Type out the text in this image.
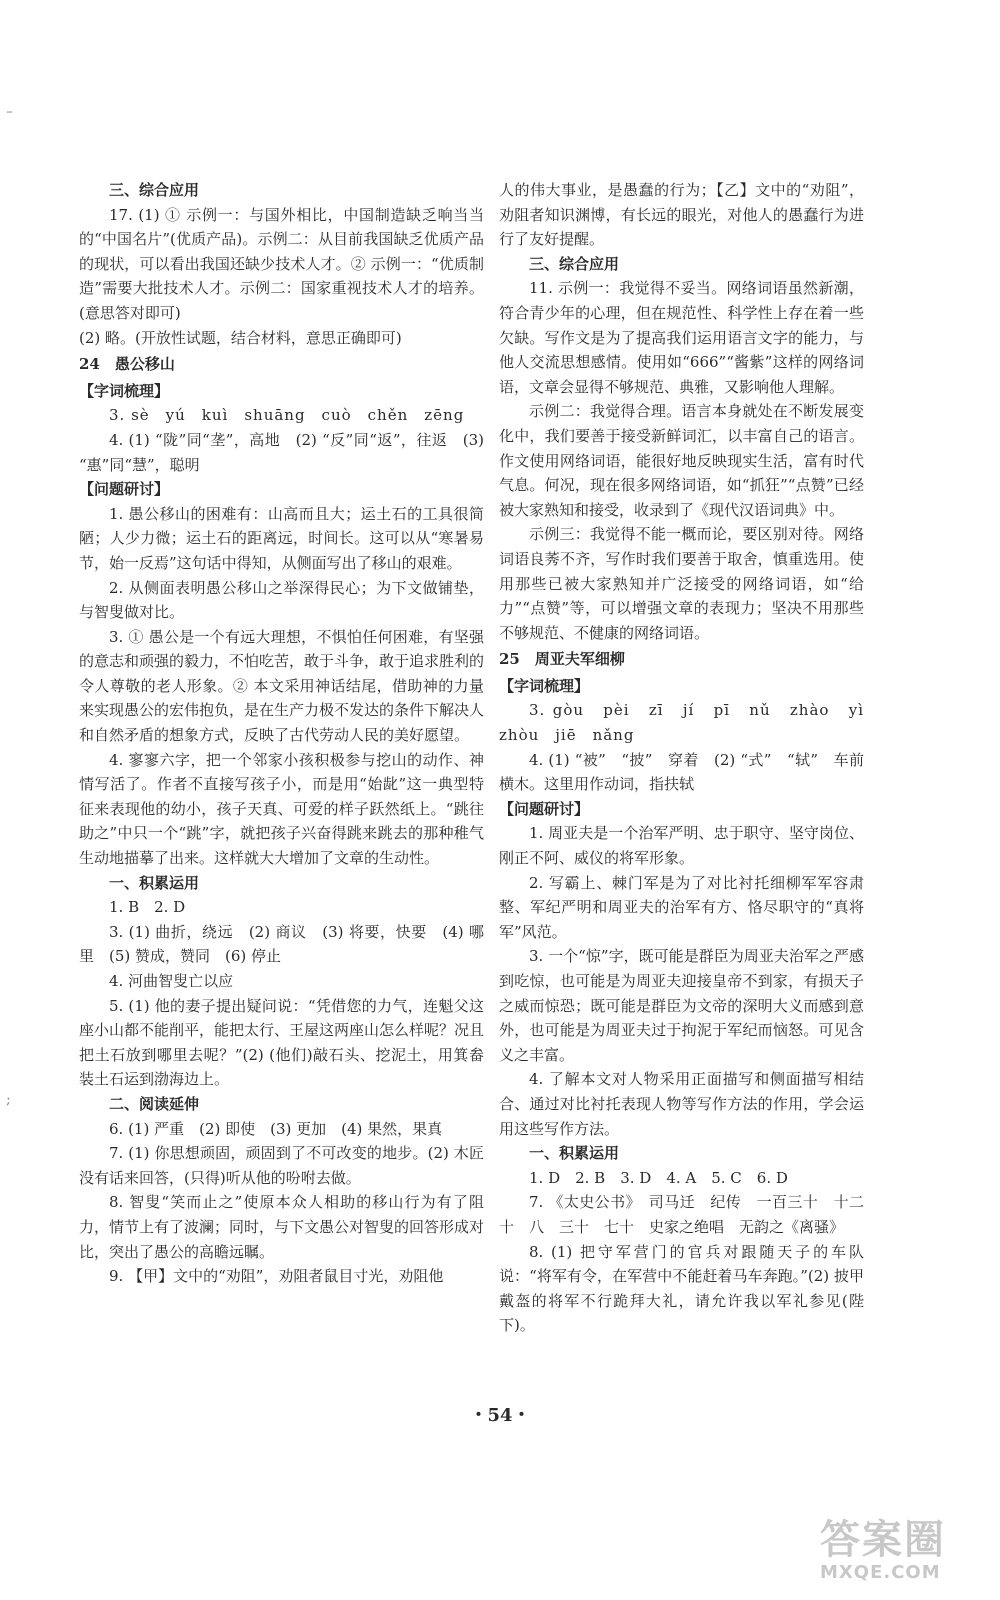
–
;

三、综合应用

17. (1) ① 示例一：与国外相比，中国制造缺乏响当当的“中国名片”(优质产品)。示例二：从目前我国缺乏优质产品的现状，可以看出我国还缺少技术人才。② 示例一：“优质制造”需要大批技术人才。示例二：国家重视技术人才的培养。(意思答对即可)

(2) 略。(开放性试题，结合材料，意思正确即可)

24　愚公移山

【字词梳理】

3. sè　yú　kuì　shuāng　cuò　chěn　zēng

4. (1) “陇”同“垄”，高地　(2) “反”同“返”，往返　(3) “惠”同“慧”，聪明

【问题研讨】

1. 愚公移山的困难有：山高而且大；运土石的工具很简陋；人少力微；运土石的距离远，时间长。这可以从“寒暑易节，始一反焉”这句话中得知，从侧面写出了移山的艰难。

2. 从侧面表明愚公移山之举深得民心；为下文做铺垫，与智叟做对比。

3. ① 愚公是一个有远大理想，不惧怕任何困难，有坚强的意志和顽强的毅力，不怕吃苦，敢于斗争，敢于追求胜利的令人尊敬的老人形象。② 本文采用神话结尾，借助神的力量来实现愚公的宏伟抱负，是在生产力极不发达的条件下解决人和自然矛盾的想象方式，反映了古代劳动人民的美好愿望。

4. 寥寥六字，把一个邻家小孩积极参与挖山的动作、神情写活了。作者不直接写孩子小，而是用“始龀”这一典型特征来表现他的幼小，孩子天真、可爱的样子跃然纸上。“跳往助之”中只一个“跳”字，就把孩子兴奋得跳来跳去的那种稚气生动地描摹了出来。这样就大大增加了文章的生动性。

一、积累运用

1. B　2. D

3. (1) 曲折，绕远　(2) 商议　(3) 将要，快要　(4) 哪里　(5) 赞成，赞同　(6) 停止

4. 河曲智叟亡以应

5. (1) 他的妻子提出疑问说：“凭借您的力气，连魁父这座小山都不能削平，能把太行、王屋这两座山怎么样呢？况且把土石放到哪里去呢？”(2) (他们)敲石头、挖泥土，用箕畚装土石运到渤海边上。

二、阅读延伸

6. (1) 严重　(2) 即使　(3) 更加　(4) 果然，果真

7. (1) 你思想顽固，顽固到了不可改变的地步。(2) 木匠没有话来回答，(只得)听从他的吩咐去做。

8. 智叟“笑而止之”使原本众人相助的移山行为有了阻力，情节上有了波澜；同时，与下文愚公对智叟的回答形成对比，突出了愚公的高瞻远瞩。

9. 【甲】文中的“劝阻”，劝阻者鼠目寸光，劝阻他

人的伟大事业，是愚蠢的行为；【乙】文中的“劝阻”，劝阻者知识渊博，有长远的眼光，对他人的愚蠢行为进行了友好提醒。

三、综合应用

11. 示例一：我觉得不妥当。网络词语虽然新潮，符合青少年的心理，但在规范性、科学性上存在着一些欠缺。写作文是为了提高我们运用语言文字的能力，与他人交流思想感情。使用如“666”“酱紫”这样的网络词语，文章会显得不够规范、典雅，又影响他人理解。

示例二：我觉得合理。语言本身就处在不断发展变化中，我们要善于接受新鲜词汇，以丰富自己的语言。作文使用网络词语，能很好地反映现实生活，富有时代气息。何况，现在很多网络词语，如“抓狂”“点赞”已经被大家熟知和接受，收录到了《现代汉语词典》中。

示例三：我觉得不能一概而论，要区别对待。网络词语良莠不齐，写作时我们要善于取舍，慎重选用。使用那些已被大家熟知并广泛接受的网络词语，如“给力”“点赞”等，可以增强文章的表现力；坚决不用那些不够规范、不健康的网络词语。

25　周亚夫军细柳

【字词梳理】

3. gòu　pèi　zī　jí　pī　nǔ　zhào　yì　zhòu　jiē　nǎng

4. (1) “被”　“披”　穿着　(2) “式”　“轼”　车前横木。这里用作动词，指扶轼

【问题研讨】

1. 周亚夫是一个治军严明、忠于职守、坚守岗位、刚正不阿、威仪的将军形象。

2. 写霸上、棘门军是为了对比衬托细柳军军容肃整、军纪严明和周亚夫的治军有方、恪尽职守的“真将军”风范。

3. 一个“惊”字，既可能是群臣为周亚夫治军之严感到吃惊，也可能是为周亚夫迎接皇帝不到家，有损天子之威而惊恐；既可能是群臣为文帝的深明大义而感到意外，也可能是为周亚夫过于拘泥于军纪而恼怒。可见含义之丰富。

4. 了解本文对人物采用正面描写和侧面描写相结合、通过对比衬托表现人物等写作方法的作用，学会运用这些写作方法。

一、积累运用

1. D　2. B　3. D　4. A　5. C　6. D

7. 《太史公书》　司马迁　纪传　一百三十　十二　十　八　三十　七十　史家之绝唱　无韵之《离骚》

8. (1) 把守军营门的官兵对跟随天子的车队说：“将军有令，在军营中不能赶着马车奔跑。”(2) 披甲戴盔的将军不行跪拜大礼，请允许我以军礼参见(陛下)。

・54・
答案圈
MXQE.COM
